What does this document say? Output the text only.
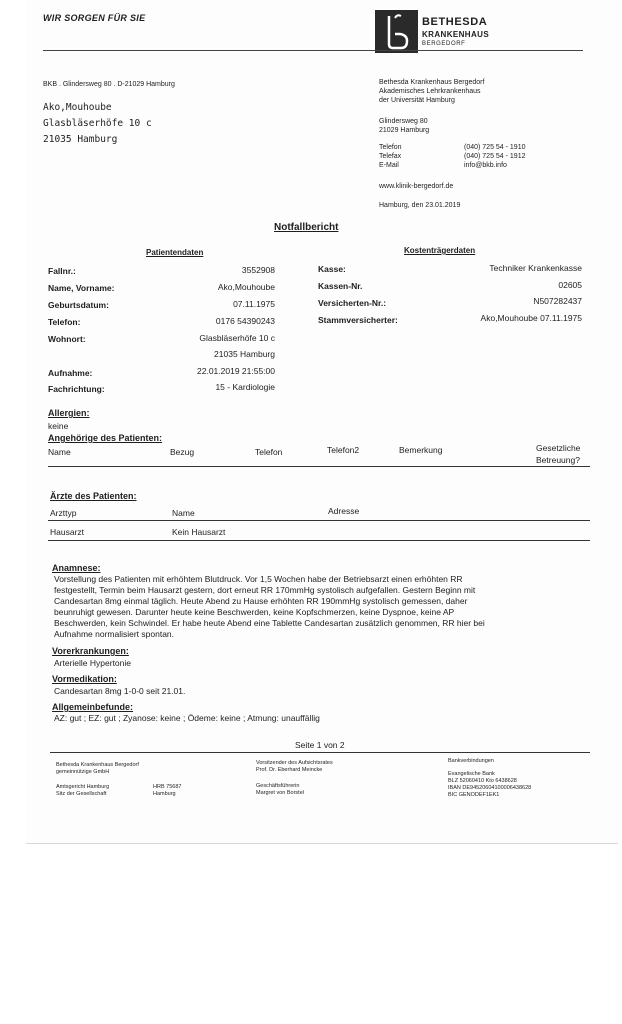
WIR SORGEN FÜR SIE	BETHESDA
KRANKENHAUS
BERGEDORF
BKB . Glindersweg 80 . D-21029 Hamburg
Ako,Mouhoube
Glasbläserhöfe 10 c
21035 Hamburg
Bethesda Krankenhaus Bergedorf
Akademisches Lehrkrankenhaus
der Universität Hamburg
Glindersweg 80
21029 Hamburg
Telefon	(040) 725 54 - 1910
Telefax	(040) 725 54 - 1912
E-Mail	info@bkb.info
www.klinik-bergedorf.de
Hamburg, den 23.01.2019
Notfallbericht
Patientendaten
Fallnr.:	3552908
Name, Vorname:	Ako,Mouhoube
Geburtsdatum:	07.11.1975
Telefon:	0176 54390243
Wohnort:	Glasbläserhöfe 10 c
21035 Hamburg
Aufnahme:	22.01.2019 21:55:00
Fachrichtung:	15 - Kardiologie
Kostenträgerdaten
Kasse:	Techniker Krankenkasse
Kassen-Nr.	02605
Versicherten-Nr.:	N507282437
Stammversicherter:	Ako,Mouhoube 07.11.1975
Allergien:
keine
Angehörige des Patienten:
Name	Bezug	Telefon	Telefon2	Bemerkung	Gesetzliche
Betreuung?
Ärzte des Patienten:
Arzttyp	Name	Adresse
Hausarzt	Kein Hausarzt
Anamnese:
Vorstellung des Patienten mit erhöhtem Blutdruck. Vor 1,5 Wochen habe der Betriebsarzt einen erhöhten RR
festgestellt, Termin beim Hausarzt gestern, dort erneut RR 170mmHg systolisch aufgefallen. Gestern Beginn mit
Candesartan 8mg einmal täglich. Heute Abend zu Hause erhöhten RR 190mmHg systolisch gemessen, daher
beunruhigt gewesen. Darunter heute keine Beschwerden, keine Kopfschmerzen, keine Dyspnoe, keine AP
Beschwerden, kein Schwindel. Er habe heute Abend eine Tablette Candesartan zusätzlich genommen, RR hier bei
Aufnahme normalisiert spontan.
Vorerkrankungen:
Arterielle Hypertonie
Vormedikation:
Candesartan 8mg 1-0-0 seit 21.01.
Allgemeinbefunde:
AZ: gut ; EZ: gut ; Zyanose: keine ; Ödeme: keine ; Atmung: unauffällig
Seite 1 von 2
Bethesda Krankenhaus Bergedorf
gemeinnützige GmbH
Amtsgericht Hamburg
Sitz der Gesellschaft
HRB 75687
Hamburg
Vorsitzender des Aufsichtsrates
Prof. Dr. Eberhard Meincke
Geschäftsführerin
Margret von Borstel
Bankverbindungen
Evangelische Bank
BLZ 52060410 Kto 6438628
IBAN DE94520604100006438628
BIC GENODEF1EK1
